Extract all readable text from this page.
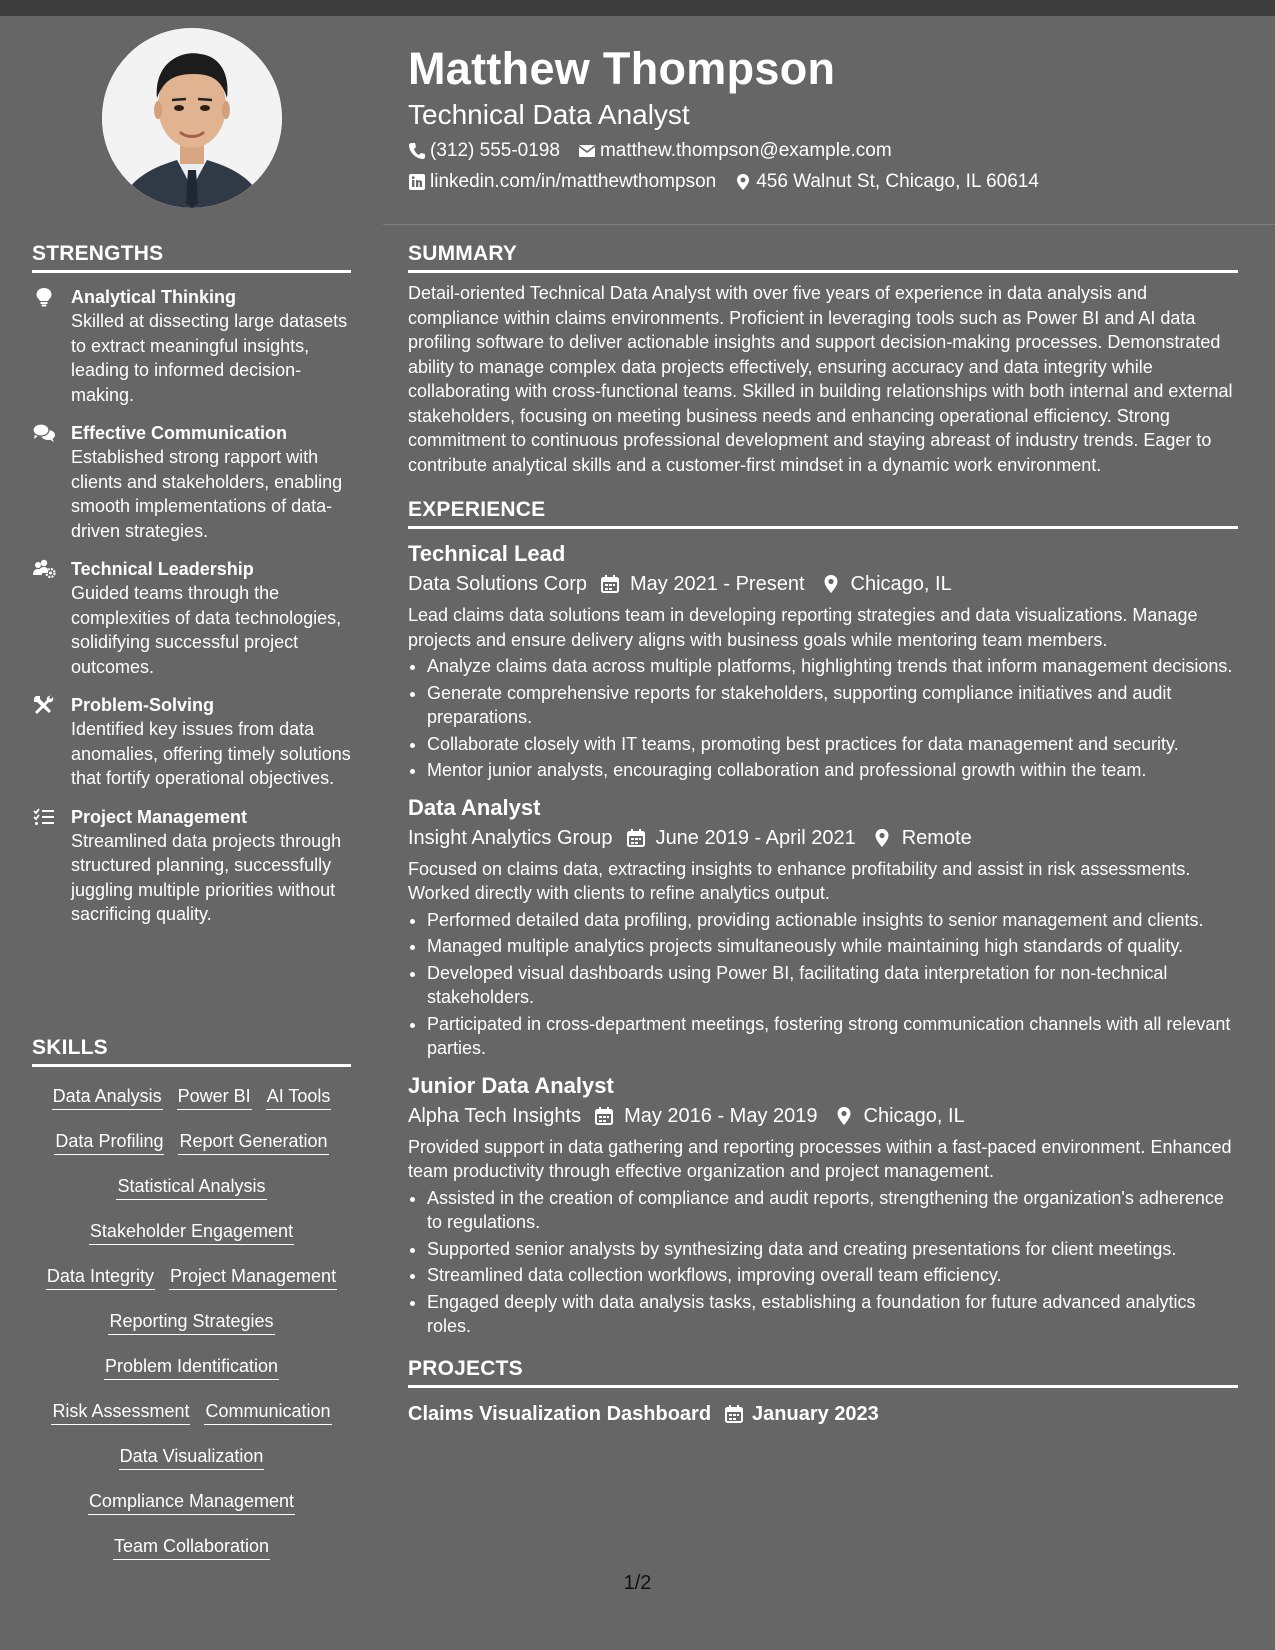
STRENGTHS
Analytical Thinking
Skilled at dissecting large datasets to extract meaningful insights, leading to informed decision-making.
Effective Communication
Established strong rapport with clients and stakeholders, enabling smooth implementations of data-driven strategies.
Technical Leadership
Guided teams through the complexities of data technologies, solidifying successful project outcomes.
Problem-Solving
Identified key issues from data anomalies, offering timely solutions that fortify operational objectives.
Project Management
Streamlined data projects through structured planning, successfully juggling multiple priorities without sacrificing quality.
SKILLS
Data Analysis Power BI AI Tools
Data Profiling Report Generation
Statistical Analysis
Stakeholder Engagement
Data Integrity Project Management
Reporting Strategies
Problem Identification
Risk Assessment Communication
Data Visualization
Compliance Management
Team Collaboration
Matthew Thompson
Technical Data Analyst
(312) 555-0198 matthew.thompson@example.com
linkedin.com/in/matthewthompson 456 Walnut St, Chicago, IL 60614
SUMMARY

Detail-oriented Technical Data Analyst with over five years of experience in data analysis and compliance within claims environments. Proficient in leveraging tools such as Power BI and AI data profiling software to deliver actionable insights and support decision-making processes. Demonstrated ability to manage complex data projects effectively, ensuring accuracy and data integrity while collaborating with cross-functional teams. Skilled in building relationships with both internal and external stakeholders, focusing on meeting business needs and enhancing operational efficiency. Strong commitment to continuous professional development and staying abreast of industry trends. Eager to contribute analytical skills and a customer-first mindset in a dynamic work environment.

EXPERIENCE
Technical Lead
Data Solutions Corp May 2021 - Present Chicago, IL

Lead claims data solutions team in developing reporting strategies and data visualizations. Manage projects and ensure delivery aligns with business goals while mentoring team members.

• Analyze claims data across multiple platforms, highlighting trends that inform management decisions.
• Generate comprehensive reports for stakeholders, supporting compliance initiatives and audit preparations.
• Collaborate closely with IT teams, promoting best practices for data management and security.
• Mentor junior analysts, encouraging collaboration and professional growth within the team.
Data Analyst
Insight Analytics Group June 2019 - April 2021 Remote

Focused on claims data, extracting insights to enhance profitability and assist in risk assessments. Worked directly with clients to refine analytics output.

• Performed detailed data profiling, providing actionable insights to senior management and clients.
• Managed multiple analytics projects simultaneously while maintaining high standards of quality.
• Developed visual dashboards using Power BI, facilitating data interpretation for non-technical stakeholders.
• Participated in cross-department meetings, fostering strong communication channels with all relevant parties.
Junior Data Analyst
Alpha Tech Insights May 2016 - May 2019 Chicago, IL

Provided support in data gathering and reporting processes within a fast-paced environment. Enhanced team productivity through effective organization and project management.

• Assisted in the creation of compliance and audit reports, strengthening the organization's adherence to regulations.
• Supported senior analysts by synthesizing data and creating presentations for client meetings.
• Streamlined data collection workflows, improving overall team efficiency.
• Engaged deeply with data analysis tasks, establishing a foundation for future advanced analytics roles.
PROJECTS
Claims Visualization Dashboard January 2023
1/2
